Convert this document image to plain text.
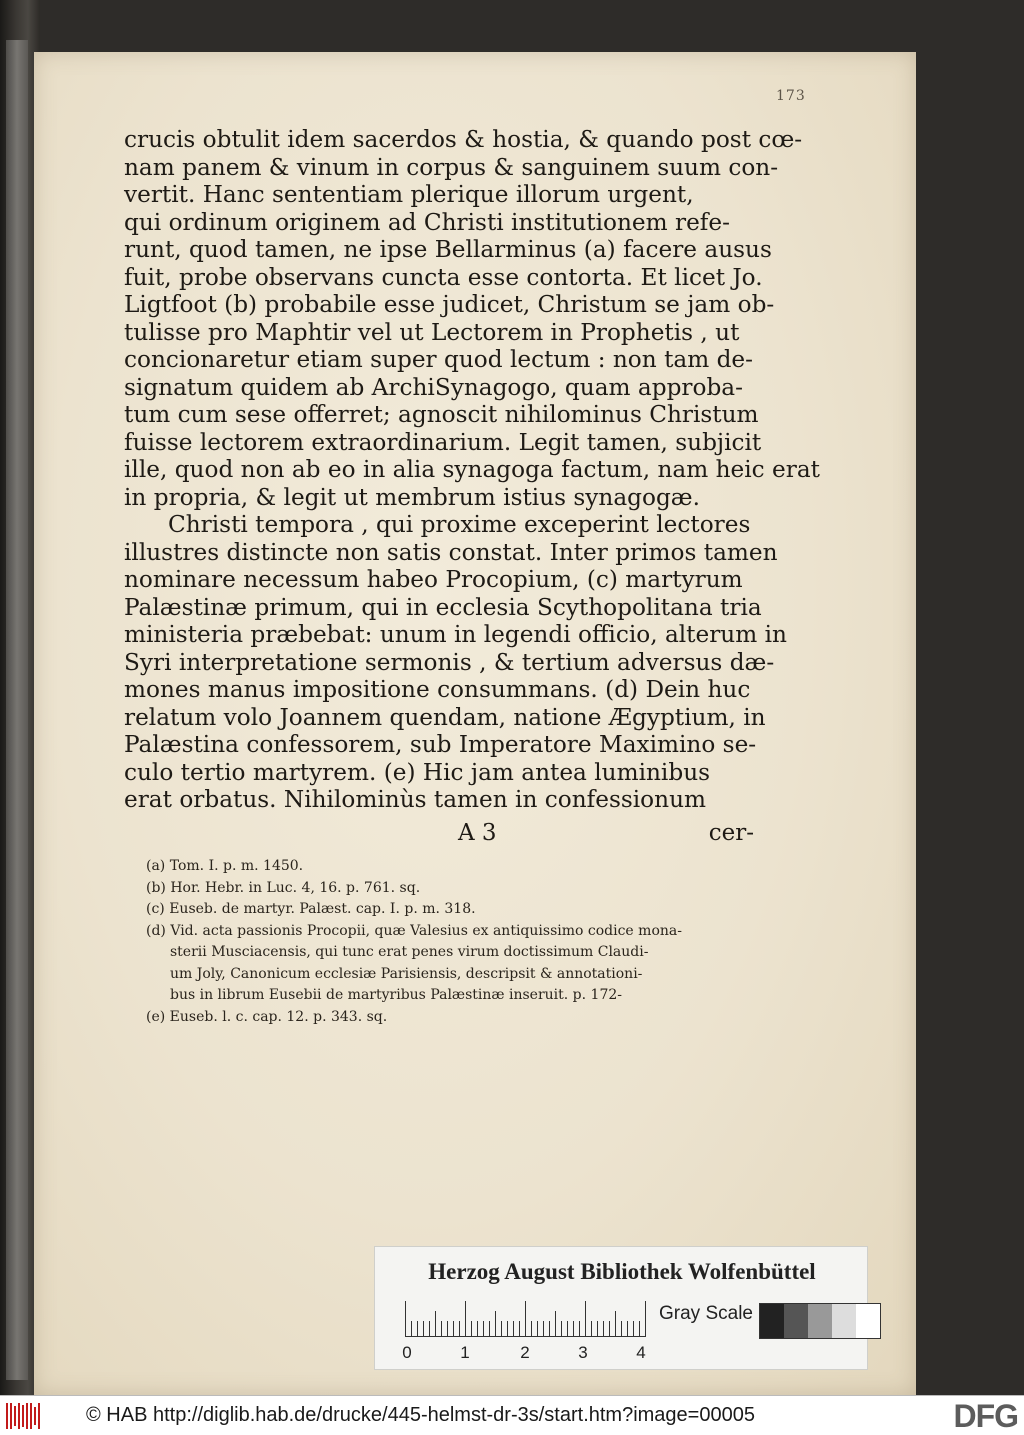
173
crucis obtulit idem sacerdos & hostia, & quando post cœ-
nam panem & vinum in corpus & sanguinem suum con-
vertit. Hanc sententiam plerique illorum urgent,
qui ordinum originem ad Christi institutionem refe-
runt, quod tamen, ne ipse Bellarminus (a) facere ausus
fuit, probe observans cuncta esse contorta. Et licet Jo.
Ligtfoot (b) probabile esse judicet, Christum se jam ob-
tulisse pro Maphtir vel ut Lectorem in Prophetis , ut
concionaretur etiam super quod lectum : non tam de-
signatum quidem ab ArchiSynagogo, quam approba-
tum cum sese offerret; agnoscit nihilominus Christum
fuisse lectorem extraordinarium. Legit tamen, subjicit
ille, quod non ab eo in alia synagoga factum, nam heic erat
in propria, & legit ut membrum istius synagogæ.
Christi tempora , qui proxime exceperint lectores
illustres distincte non satis constat. Inter primos tamen
nominare necessum habeo Procopium, (c) martyrum
Palæstinæ primum, qui in ecclesia Scythopolitana tria
ministeria præbebat: unum in legendi officio, alterum in
Syri interpretatione sermonis , & tertium adversus dæ-
mones manus impositione consummans. (d) Dein huc
relatum volo Joannem quendam, natione Ægyptium, in
Palæstina confessorem, sub Imperatore Maximino se-
culo tertio martyrem. (e) Hic jam antea luminibus
erat orbatus. Nihilominùs tamen in confessionum
A 3	cer-
(a) Tom. I. p. m. 1450.
(b) Hor. Hebr. in Luc. 4, 16. p. 761. sq.
(c) Euseb. de martyr. Palæst. cap. I. p. m. 318.
(d) Vid. acta passionis Procopii, quæ Valesius ex antiquissimo codice mona-
sterii Musciacensis, qui tunc erat penes virum doctissimum Claudi-
um Joly, Canonicum ecclesiæ Parisiensis, descripsit & annotationi-
bus in librum Eusebii de martyribus Palæstinæ inseruit. p. 172-
(e) Euseb. l. c. cap. 12. p. 343. sq.
Herzog August Bibliothek Wolfenbüttel
0	1	2	3	4
Gray Scale
© HAB http://diglib.hab.de/drucke/445-helmst-dr-3s/start.htm?image=00005	DFG
